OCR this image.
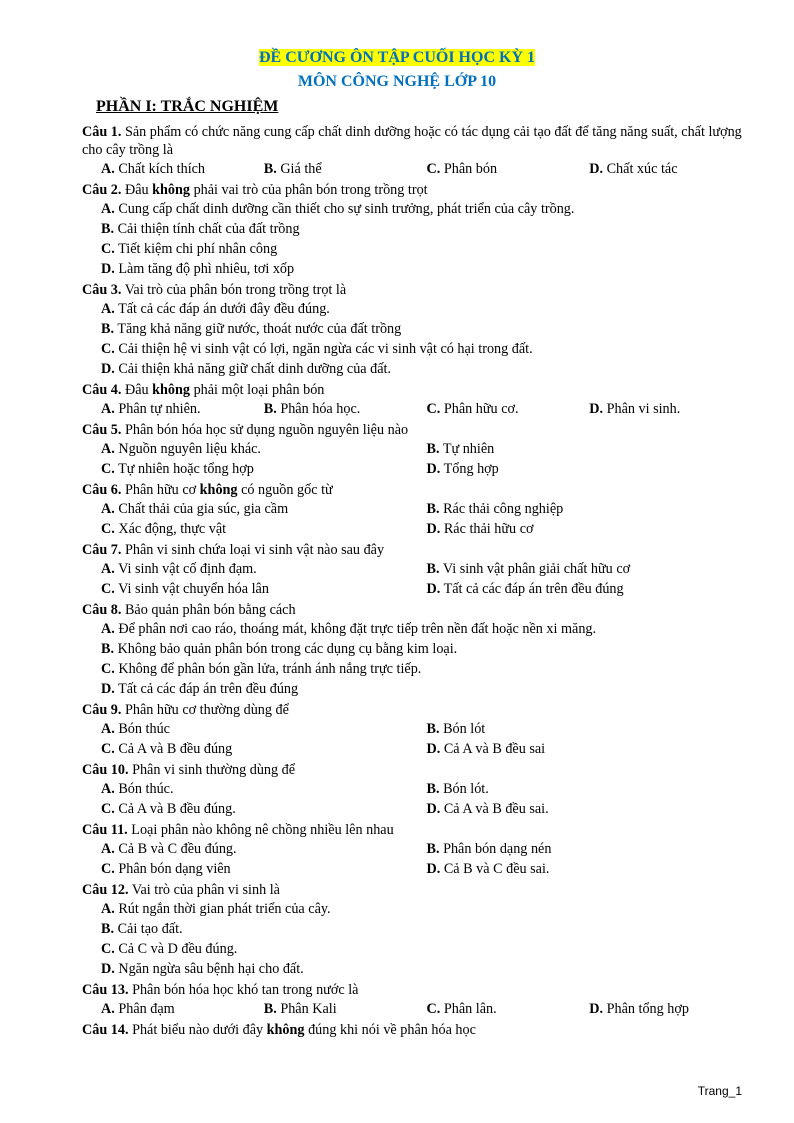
ĐỀ CƯƠNG ÔN TẬP CUỐI HỌC KỲ 1
MÔN CÔNG NGHỆ LỚP 10
PHẦN I: TRẮC NGHIỆM
Câu 1. Sản phẩm có chức năng cung cấp chất dinh dưỡng hoặc có tác dụng cải tạo đất để tăng năng suất, chất lượng cho cây trồng là
A. Chất kích thích	B. Giá thể	C. Phân bón	D. Chất xúc tác
Câu 2. Đâu không phải vai trò của phân bón trong trồng trọt
A. Cung cấp chất dinh dưỡng cần thiết cho sự sinh trưởng, phát triển của cây trồng.
B. Cải thiện tính chất của đất trồng
C. Tiết kiệm chi phí nhân công
D. Làm tăng độ phì nhiêu, tơi xốp
Câu 3. Vai trò của phân bón trong trồng trọt là
A. Tất cả các đáp án dưới đây đều đúng.
B. Tăng khả năng giữ nước, thoát nước của đất trồng
C. Cải thiện hệ vi sinh vật có lợi, ngăn ngừa các vi sinh vật có hại trong đất.
D. Cải thiện khả năng giữ chất dinh dưỡng của đất.
Câu 4. Đâu không phải một loại phân bón
A. Phân tự nhiên.	B. Phân hóa học.	C. Phân hữu cơ.	D. Phân vi sinh.
Câu 5. Phân bón hóa học sử dụng nguồn nguyên liệu nào
A. Nguồn nguyên liệu khác.	B. Tự nhiên
C. Tự nhiên hoặc tổng hợp	D. Tổng hợp
Câu 6. Phân hữu cơ không có nguồn gốc từ
A. Chất thải của gia súc, gia cầm	B. Rác thải công nghiệp
C. Xác động, thực vật	D. Rác thải hữu cơ
Câu 7. Phân vi sinh chứa loại vi sinh vật nào sau đây
A. Vi sinh vật cố định đạm.	B. Vi sinh vật phân giải chất hữu cơ
C. Vi sinh vật chuyển hóa lân	D. Tất cả các đáp án trên đều đúng
Câu 8. Bảo quản phân bón bằng cách
A. Để phân nơi cao ráo, thoáng mát, không đặt trực tiếp trên nền đất hoặc nền xi măng.
B. Không bảo quản phân bón trong các dụng cụ bằng kim loại.
C. Không để phân bón gần lửa, tránh ánh nắng trực tiếp.
D. Tất cả các đáp án trên đều đúng
Câu 9. Phân hữu cơ thường dùng để
A. Bón thúc	B. Bón lót
C. Cả A và B đều đúng	D. Cả A và B đều sai
Câu 10. Phân vi sinh thường dùng để
A. Bón thúc.	B. Bón lót.
C. Cả A và B đều đúng.	D. Cả A và B đều sai.
Câu 11. Loại phân nào không nê chồng nhiều lên nhau
A. Cả B và C đều đúng.	B. Phân bón dạng nén
C. Phân bón dạng viên	D. Cả B và C đều sai.
Câu 12. Vai trò của phân vi sinh là
A. Rút ngắn thời gian phát triển của cây.
B. Cải tạo đất.
C. Cả C và D đều đúng.
D. Ngăn ngừa sâu bệnh hại cho đất.
Câu 13. Phân bón hóa học khó tan trong nước là
A. Phân đạm	B. Phân Kali	C. Phân lân.	D. Phân tổng hợp
Câu 14. Phát biểu nào dưới đây không đúng khi nói về phân hóa học
Trang_1
